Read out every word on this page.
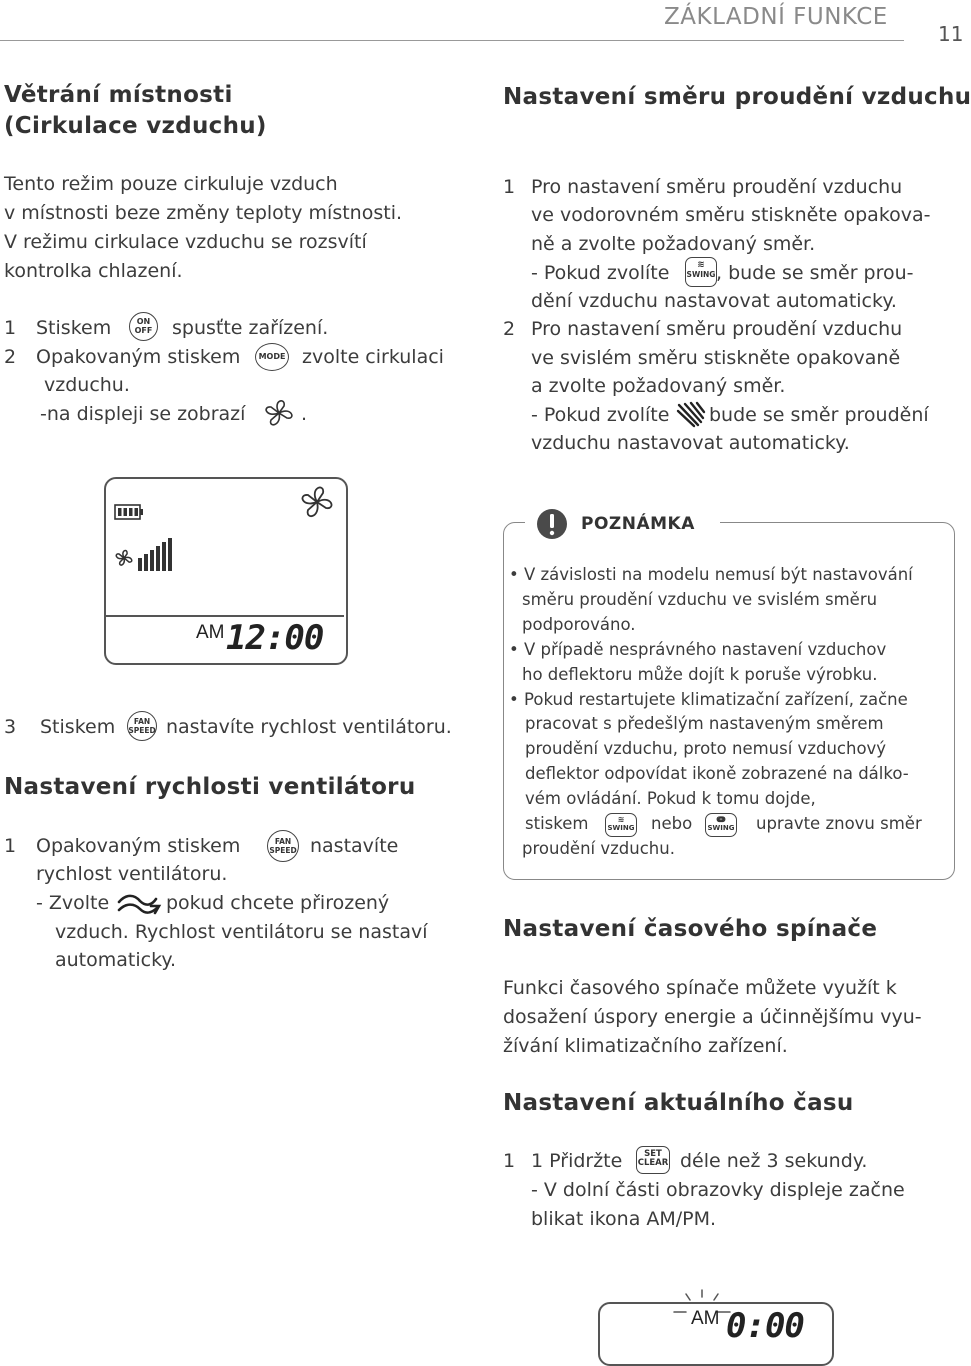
ZÁKLADNÍ FUNKCE
11
Větrání místnosti
(Cirkulace vzduchu)
Tento režim pouze cirkuluje vzduch
v místnosti beze změny teploty místnosti.
V režimu cirkulace vzduchu se rozsvítí
kontrolka chlazení.
1 Stiskem	ON
OFF spusťte zařízení.
2 Opakovaným stiskem	MODE zvolte cirkulaci
vzduchu.
-na displeji se zobrazí	.
AM 12:00
3 Stiskem	FAN
SPEED nastavíte rychlost ventilátoru.
Nastavení rychlosti ventilátoru
1 Opakovaným stiskem	FAN
SPEED nastavíte
rychlost ventilátoru.
- Zvolte	pokud chcete přirozený
vzduch. Rychlost ventilátoru se nastaví
automaticky.
Nastavení směru proudění vzduchu
1 Pro nastavení směru proudění vzduchu
ve vodorovném směru stiskněte opakova-
ně a zvolte požadovaný směr.
- Pokud zvolíte	≋
SWING , bude se směr prou-
dění vzduchu nastavovat automaticky.
2 Pro nastavení směru proudění vzduchu
ve svislém směru stiskněte opakovaně
a zvolte požadovaný směr.
- Pokud zvolíte bude se směr proudění
vzduchu nastavovat automaticky.
POZNÁMKA
• V závislosti na modelu nemusí být nastavování
směru proudění vzduchu ve svislém směru
podporováno.
• V případě nesprávného nastavení vzduchov
ho deflektoru může dojít k poruše výrobku.
• Pokud restartujete klimatizační zařízení, začne
pracovat s předešlým nastaveným směrem
proudění vzduchu, proto nemusí vzduchový
deflektor odpovídat ikoně zobrazené na dálko-
vém ovládání. Pokud k tomu dojde,
stiskem	≋
SWING nebo	ↈ
SWING upravte znovu směr
proudění vzduchu.
Nastavení časového spínače
Funkci časového spínače můžete využít k
dosažení úspory energie a účinnějšímu vyu-
žívání klimatizačního zařízení.
Nastavení aktuálního času
1 1 Přidržte	SET
CLEAR déle než 3 sekundy.
- V dolní části obrazovky displeje začne
blikat ikona AM/PM.
AM 0:00
